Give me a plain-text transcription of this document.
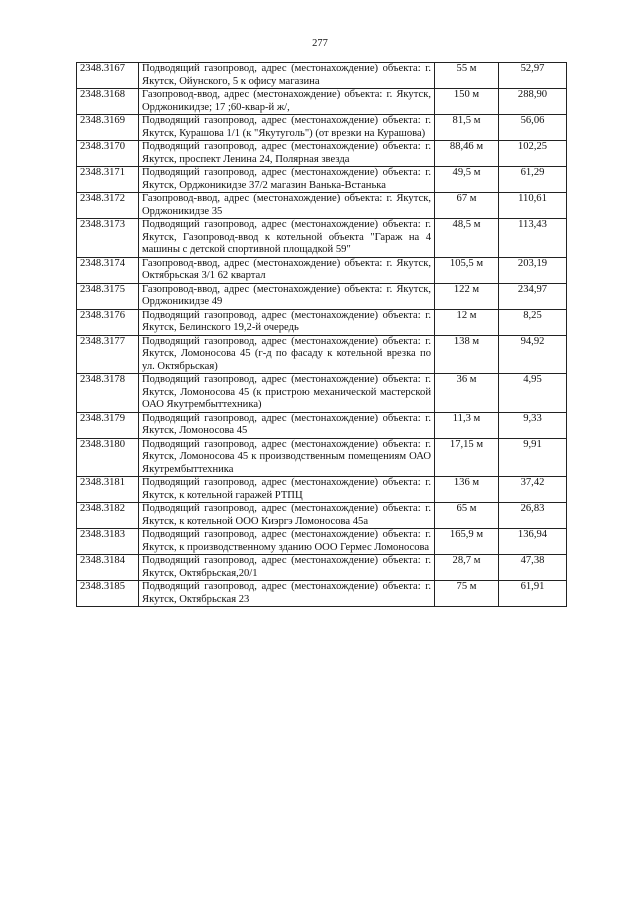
277
2348.3167	Подводящий газопровод, адрес (местонахождение) объекта: г. Якутск, Ойунского, 5 к офису магазина	55 м	52,97
2348.3168	Газопровод-ввод, адрес (местонахождение) объекта: г. Якутск, Орджоникидзе; 17 ;60-квар-й ж/,	150 м	288,90
2348.3169	Подводящий газопровод, адрес (местонахождение) объекта: г. Якутск, Курашова 1/1 (к "Якутуголь") (от врезки на Курашова)	81,5 м	56,06
2348.3170	Подводящий газопровод, адрес (местонахождение) объекта: г. Якутск, проспект Ленина 24, Полярная звезда	88,46 м	102,25
2348.3171	Подводящий газопровод, адрес (местонахождение) объекта: г. Якутск, Орджоникидзе 37/2 магазин Ванька-Встанька	49,5 м	61,29
2348.3172	Газопровод-ввод, адрес (местонахождение) объекта: г. Якутск, Орджоникидзе 35	67 м	110,61
2348.3173	Подводящий газопровод, адрес (местонахождение) объекта: г. Якутск, Газопровод-ввод к котельной объекта "Гараж на 4 машины с детской спортивной площадкой 59"	48,5 м	113,43
2348.3174	Газопровод-ввод, адрес (местонахождение) объекта: г. Якутск, Октябрьская 3/1 62 квартал	105,5 м	203,19
2348.3175	Газопровод-ввод, адрес (местонахождение) объекта: г. Якутск, Орджоникидзе 49	122 м	234,97
2348.3176	Подводящий газопровод, адрес (местонахождение) объекта: г. Якутск, Белинского 19,2-й очередь	12 м	8,25
2348.3177	Подводящий газопровод, адрес (местонахождение) объекта: г. Якутск, Ломоносова 45 (г-д по фасаду к котельной врезка по ул. Октябрьская)	138 м	94,92
2348.3178	Подводящий газопровод, адрес (местонахождение) объекта: г. Якутск, Ломоносова 45 (к пристрою механической мастерской ОАО Якутрембыттехника)	36 м	4,95
2348.3179	Подводящий газопровод, адрес (местонахождение) объекта: г. Якутск, Ломоносова 45	11,3 м	9,33
2348.3180	Подводящий газопровод, адрес (местонахождение) объекта: г. Якутск, Ломоносова 45 к производственным помещениям ОАО Якутрембыттехника	17,15 м	9,91
2348.3181	Подводящий газопровод, адрес (местонахождение) объекта: г. Якутск, к котельной гаражей РТПЦ	136 м	37,42
2348.3182	Подводящий газопровод, адрес (местонахождение) объекта: г. Якутск, к котельной ООО Киэргэ Ломоносова 45а	65 м	26,83
2348.3183	Подводящий газопровод, адрес (местонахождение) объекта: г. Якутск, к производственному зданию ООО Гермес Ломоносова	165,9 м	136,94
2348.3184	Подводящий газопровод, адрес (местонахождение) объекта: г. Якутск, Октябрьская,20/1	28,7 м	47,38
2348.3185	Подводящий газопровод, адрес (местонахождение) объекта: г. Якутск, Октябрьская 23	75 м	61,91
